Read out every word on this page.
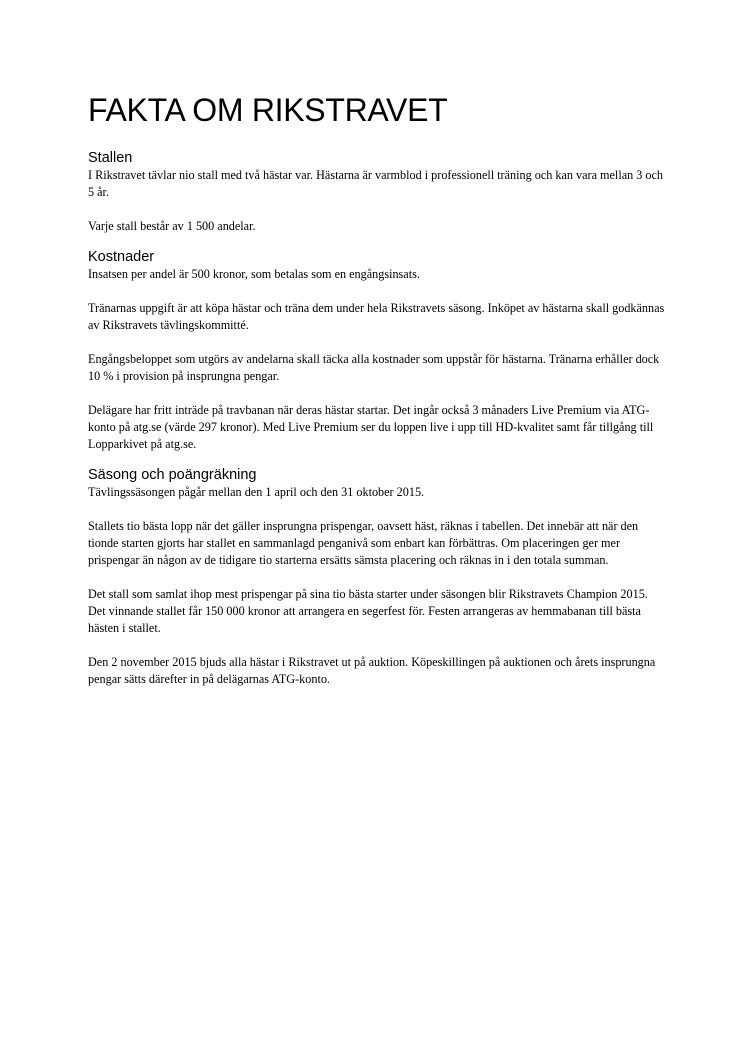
FAKTA OM RIKSTRAVET
Stallen

I Rikstravet tävlar nio stall med två hästar var. Hästarna är varmblod i professionell träning och kan vara mellan 3 och 5 år.

Varje stall består av 1 500 andelar.

Kostnader

Insatsen per andel är 500 kronor, som betalas som en engångsinsats.

Tränarnas uppgift är att köpa hästar och träna dem under hela Rikstravets säsong. Inköpet av hästarna skall godkännas av Rikstravets tävlingskommitté.

Engångsbeloppet som utgörs av andelarna skall täcka alla kostnader som uppstår för hästarna. Tränarna erhåller dock 10 % i provision på insprungna pengar.

Delägare har fritt inträde på travbanan när deras hästar startar. Det ingår också 3 månaders Live Premium via ATG-konto på atg.se (värde 297 kronor). Med Live Premium ser du loppen live i upp till HD-kvalitet samt får tillgång till Lopparkivet på atg.se.

Säsong och poängräkning

Tävlingssäsongen pågår mellan den 1 april och den 31 oktober 2015.

Stallets tio bästa lopp när det gäller insprungna prispengar, oavsett häst, räknas i tabellen. Det innebär att när den tionde starten gjorts har stallet en sammanlagd penganivå som enbart kan förbättras. Om placeringen ger mer prispengar än någon av de tidigare tio starterna ersätts sämsta placering och räknas in i den totala summan.

Det stall som samlat ihop mest prispengar på sina tio bästa starter under säsongen blir Rikstravets Champion 2015. Det vinnande stallet får 150 000 kronor att arrangera en segerfest för. Festen arrangeras av hemmabanan till bästa hästen i stallet.

Den 2 november 2015 bjuds alla hästar i Rikstravet ut på auktion. Köpeskillingen på auktionen och årets insprungna pengar sätts därefter in på delägarnas ATG-konto.
